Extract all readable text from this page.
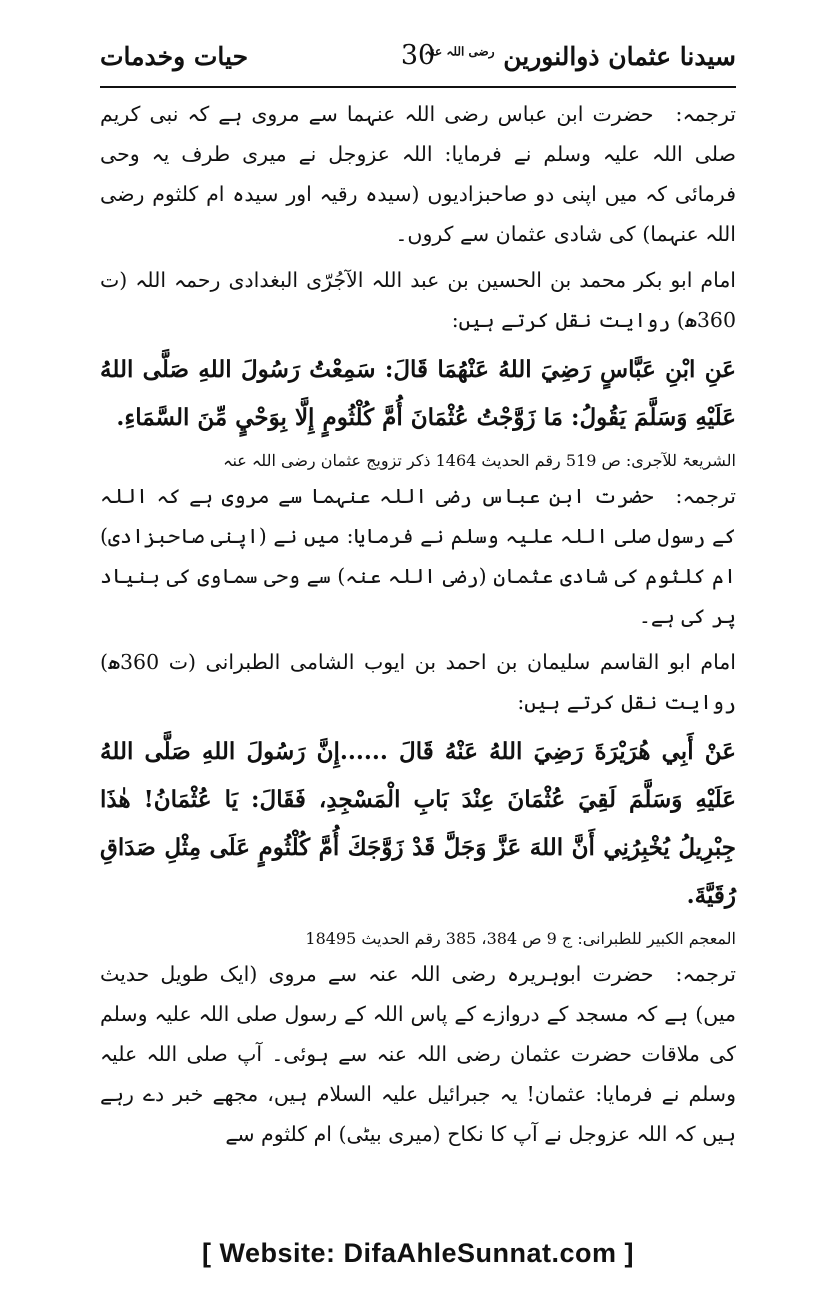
سیدنا عثمان ذوالنورین $^{رضی اللہ عنہ}$
30
حیات وخدمات

ترجمہ:حضرت ابن عباس رضی اللہ عنہما سے مروی ہے کہ نبی کریم صلی اللہ علیہ وسلم نے فرمایا: اللہ عزوجل نے میری طرف یہ وحی فرمائی کہ میں اپنی دو صاحبزادیوں (سیدہ رقیہ اور سیدہ ام کلثوم رضی اللہ عنہما) کی شادی عثمان سے کروں۔

امام ابو بکر محمد بن الحسین بن عبد اللہ الآجُرّی البغدادی رحمہ اللہ (ت 360ھ) روایت نقل کرتے ہیں:

عَنِ ابْنِ عَبَّاسٍ رَضِيَ اللهُ عَنْهُمَا قَالَ: سَمِعْتُ رَسُولَ اللهِ صَلَّى اللهُ عَلَيْهِ وَسَلَّمَ يَقُولُ: مَا زَوَّجْتُ عُثْمَانَ أُمَّ كُلْثُومٍ إِلَّا بِوَحْيٍ مِّنَ السَّمَاءِ.

الشریعۃ للآجری: ص 519 رقم الحدیث 1464 ذکر تزویج عثمان رضی اللہ عنہ

ترجمہ:حضرت ابن عباس رضی اللہ عنہما سے مروی ہے کہ اللہ کے رسول صلی اللہ علیہ وسلم نے فرمایا: میں نے (اپنی صاحبزادی) ام کلثوم کی شادی عثمان (رضی اللہ عنہ) سے وحی سماوی کی بنیاد پر کی ہے۔

امام ابو القاسم سلیمان بن احمد بن ایوب الشامی الطبرانی (ت 360ھ) روایت نقل کرتے ہیں:

عَنْ أَبِي هُرَيْرَةَ رَضِيَ اللهُ عَنْهُ قَالَ ......إِنَّ رَسُولَ اللهِ صَلَّى اللهُ عَلَيْهِ وَسَلَّمَ لَقِيَ عُثْمَانَ عِنْدَ بَابِ الْمَسْجِدِ، فَقَالَ: يَا عُثْمَانُ! هٰذَا جِبْرِيلُ يُخْبِرُنِي أَنَّ اللهَ عَزَّ وَجَلَّ قَدْ زَوَّجَكَ أُمَّ كُلْثُومٍ عَلَى مِثْلِ صَدَاقِ رُقَيَّةَ.

المعجم الکبیر للطبرانی: ج 9 ص 384، 385 رقم الحدیث 18495

ترجمہ:حضرت ابوہریرہ رضی اللہ عنہ سے مروی (ایک طویل حدیث میں) ہے کہ مسجد کے دروازے کے پاس اللہ کے رسول صلی اللہ علیہ وسلم کی ملاقات حضرت عثمان رضی اللہ عنہ سے ہوئی۔ آپ صلی اللہ علیہ وسلم نے فرمایا: عثمان! یہ جبرائیل علیہ السلام ہیں، مجھے خبر دے رہے ہیں کہ اللہ عزوجل نے آپ کا نکاح (میری بیٹی) ام کلثوم سے

[ Website: DifaAhleSunnat.com ]
